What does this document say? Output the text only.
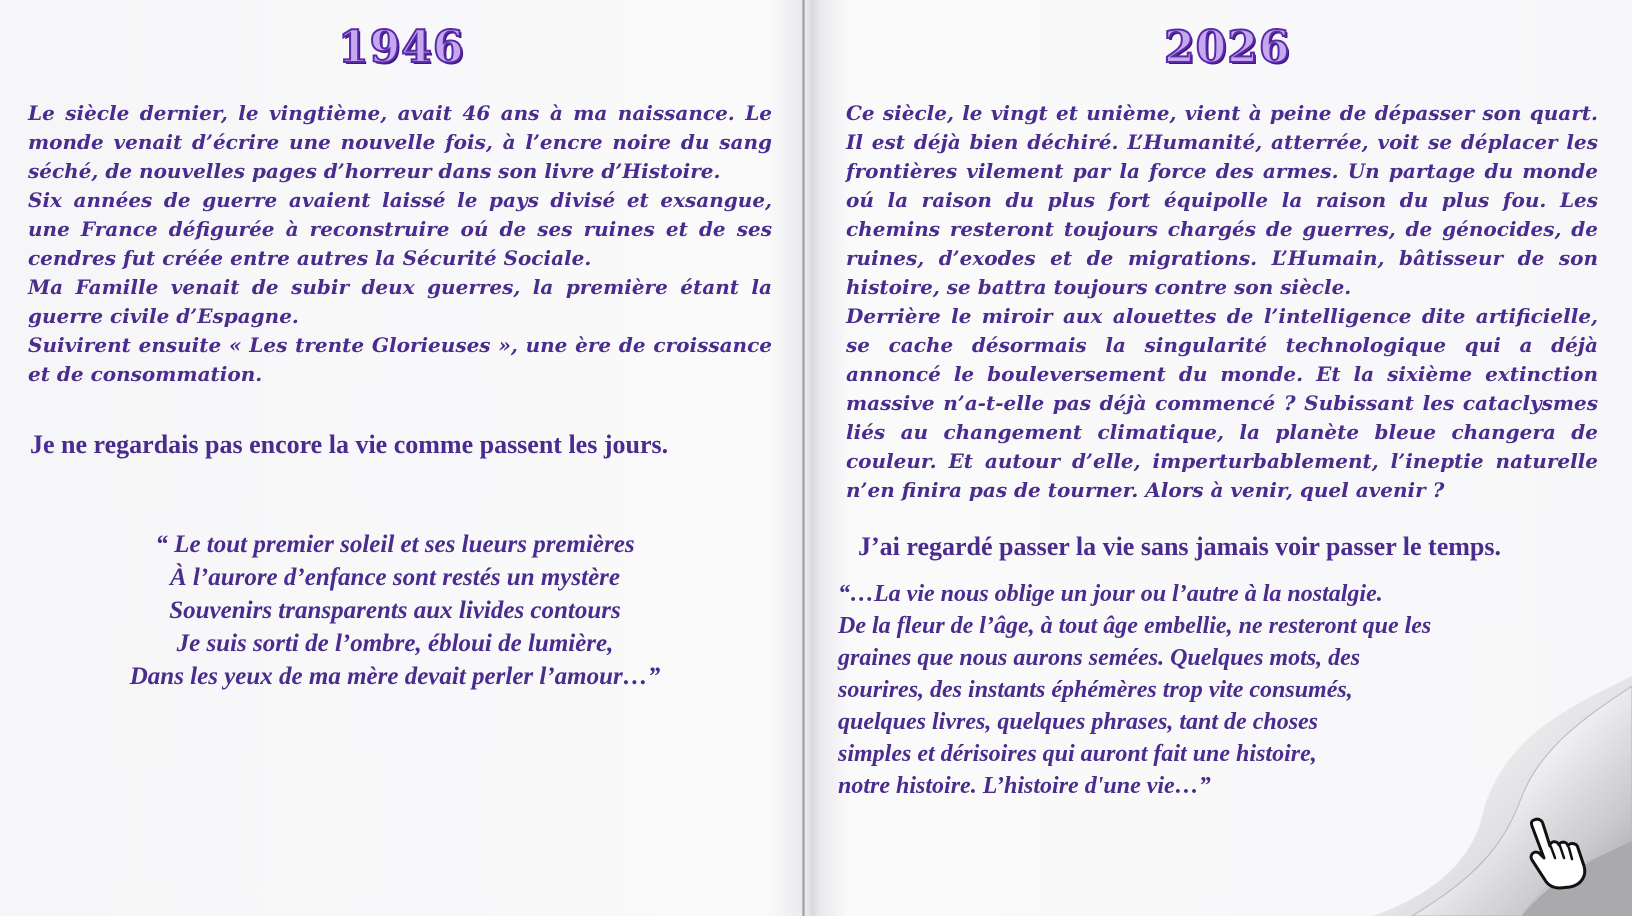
1946

Le siècle dernier, le vingtième, avait 46 ans à ma naissance. Le monde venait d’écrire une nouvelle fois, à l’encre noire du sang séché, de nouvelles pages d’horreur dans son livre d’Histoire.

Six années de guerre avaient laissé le pays divisé et exsangue, une France défigurée à reconstruire oú de ses ruines et de ses cendres fut créée entre autres la Sécurité Sociale.

Ma Famille venait de subir deux guerres, la première étant la guerre civile d’Espagne.

Suivirent ensuite « Les trente Glorieuses », une ère de croissance et de consommation.

Je ne regardais pas encore la vie comme passent les jours.
“ Le tout premier soleil et ses lueurs premières
À l’aurore d’enfance sont restés un mystère
Souvenirs transparents aux livides contours
Je suis sorti de l’ombre, ébloui de lumière,
Dans les yeux de ma mère devait perler l’amour…”
2026

Ce siècle, le vingt et unième, vient à peine de dépasser son quart. Il est déjà bien déchiré. L’Humanité, atterrée, voit se déplacer les frontières vilement par la force des armes. Un partage du monde oú la raison du plus fort équipolle la raison du plus fou. Les chemins resteront toujours chargés de guerres, de génocides, de ruines, d’exodes et de migrations. L’Humain, bâtisseur de son histoire, se battra toujours contre son siècle.

Derrière le miroir aux alouettes de l’intelligence dite artificielle, se cache désormais la singularité technologique qui a déjà annoncé le bouleversement du monde. Et la sixième extinction massive n’a-t-elle pas déjà commencé ? Subissant les cataclysmes liés au changement climatique, la planète bleue changera de couleur. Et autour d’elle, imperturbablement, l’ineptie naturelle n’en finira pas de tourner. Alors à venir, quel avenir ?

J’ai regardé passer la vie sans jamais voir passer le temps.
“…La vie nous oblige un jour ou l’autre à la nostalgie.
De la fleur de l’âge, à tout âge embellie, ne resteront que les
graines que nous aurons semées. Quelques mots, des
sourires, des instants éphémères trop vite consumés,
quelques livres, quelques phrases, tant de choses
simples et dérisoires qui auront fait une histoire,
notre histoire. L’histoire d'une vie…”
